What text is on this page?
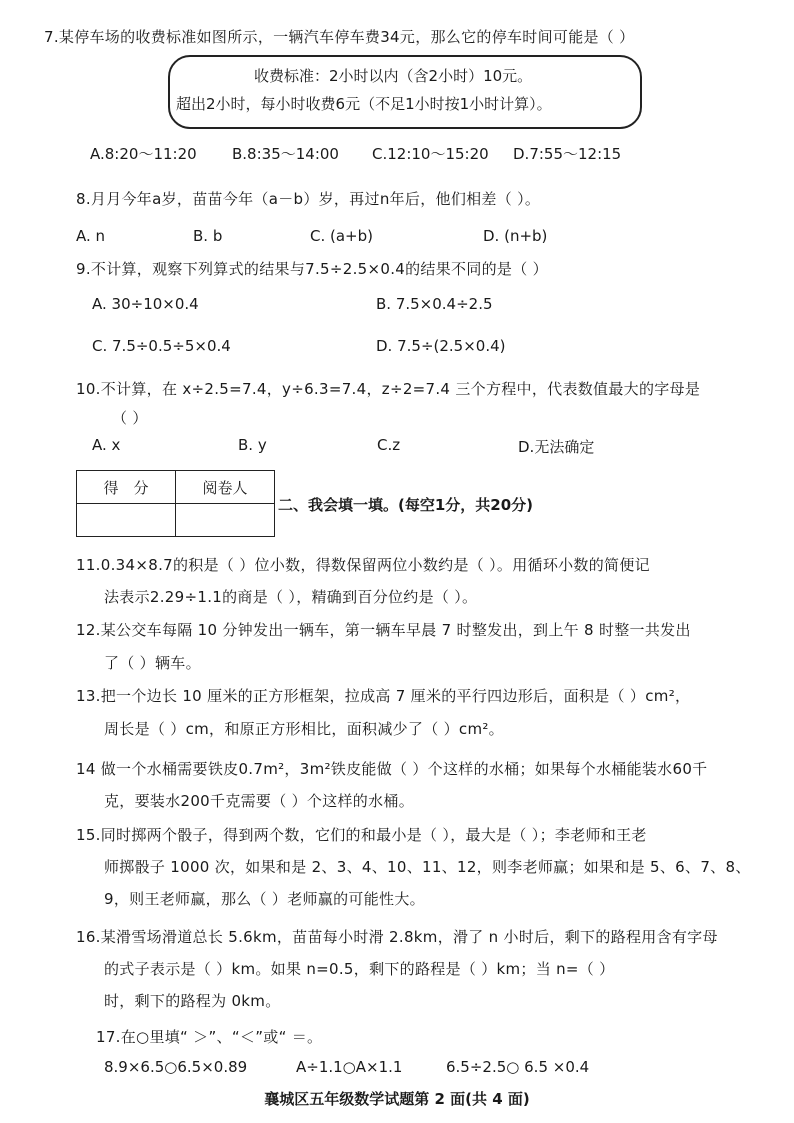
7.某停车场的收费标准如图所示，一辆汽车停车费34元，那么它的停车时间可能是（ ）
收费标准：2小时以内（含2小时）10元。
超出2小时，每小时收费6元（不足1小时按1小时计算）。
A.8:20～11:20 B.8:35～14:00 C.12:10～15:20 D.7:55～12:15
8.月月今年a岁，苗苗今年（a－b）岁，再过n年后，他们相差（ ）。
A. n	B. b	C. (a+b)	D. (n+b)
9.不计算，观察下列算式的结果与7.5÷2.5×0.4的结果不同的是（ ）
A. 30÷10×0.4	B. 7.5×0.4÷2.5
C. 7.5÷0.5÷5×0.4	D. 7.5÷(2.5×0.4)
10.不计算，在 x÷2.5=7.4，y÷6.3=7.4，z÷2=7.4 三个方程中，代表数值最大的字母是
（ ）
A. x	B. y	C.z	D.无法确定
得　分	阅卷人

二、我会填一填。(每空1分，共20分)
11.0.34×8.7的积是（ ）位小数，得数保留两位小数约是（ ）。用循环小数的简便记
法表示2.29÷1.1的商是（ ），精确到百分位约是（ ）。
12.某公交车每隔 10 分钟发出一辆车，第一辆车早晨 7 时整发出，到上午 8 时整一共发出
了（ ）辆车。
13.把一个边长 10 厘米的正方形框架，拉成高 7 厘米的平行四边形后，面积是（ ）cm²，
周长是（ ）cm，和原正方形相比，面积减少了（ ）cm²。
14 做一个水桶需要铁皮0.7m²，3m²铁皮能做（ ）个这样的水桶；如果每个水桶能装水60千
克，要装水200千克需要（ ）个这样的水桶。
15.同时掷两个骰子，得到两个数，它们的和最小是（ ），最大是（ ）；李老师和王老
师掷骰子 1000 次，如果和是 2、3、4、10、11、12，则李老师赢；如果和是 5、6、7、8、
9，则王老师赢，那么（ ）老师赢的可能性大。
16.某滑雪场滑道总长 5.6km，苗苗每小时滑 2.8km，滑了 n 小时后，剩下的路程用含有字母
的式子表示是（ ）km。如果 n=0.5，剩下的路程是（ ）km；当 n=（ ）
时，剩下的路程为 0km。
17.在○里填“ ＞”、“＜”或“ ＝。
8.9×6.5○6.5×0.89	A÷1.1○A×1.1	6.5÷2.5○ 6.5 ×0.4
襄城区五年级数学试题第 2 面(共 4 面)
